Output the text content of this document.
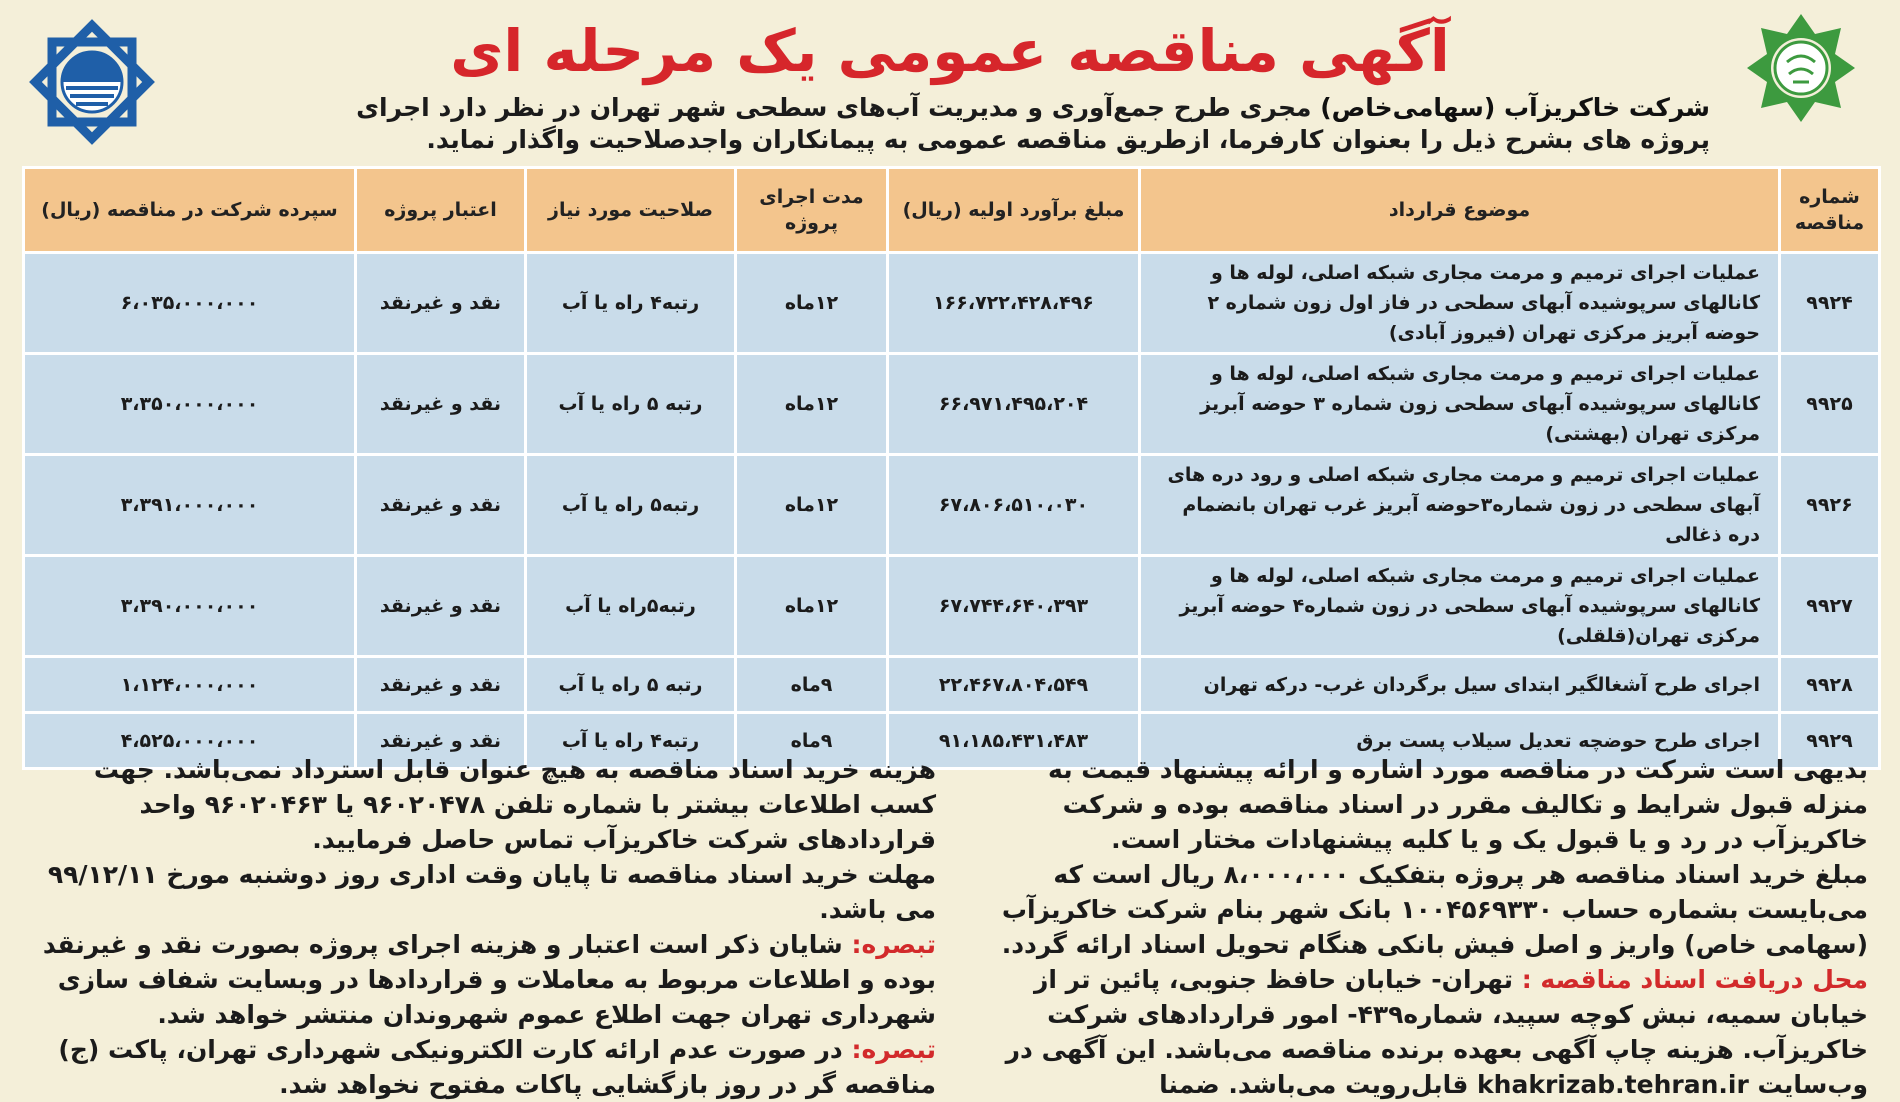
آگهی مناقصه عمومی یک مرحله ای
شرکت خاکریزآب (سهامی‌خاص) مجری طرح جمع‌آوری و مدیریت آب‌های سطحی شهر تهران در نظر دارد اجرای
پروژه های بشرح ذیل را بعنوان کارفرما، ازطریق مناقصه عمومی به پیمانکاران واجدصلاحیت واگذار نماید.
شماره مناقصه	موضوع قرارداد	مبلغ برآورد اولیه (ریال)	مدت اجرای پروژه	صلاحیت مورد نیاز	اعتبار پروژه	سپرده شرکت در مناقصه (ریال)
۹۹۲۴	عملیات اجرای ترمیم و مرمت مجاری شبکه اصلی، لوله ها و کانالهای سرپوشیده آبهای سطحی در فاز اول زون شماره ۲ حوضه آبریز مرکزی تهران (فیروز آبادی)	۱۶۶،۷۲۲،۴۲۸،۴۹۶	۱۲ماه	رتبه۴ راه یا آب	نقد و غیرنقد	۶،۰۳۵،۰۰۰،۰۰۰
۹۹۲۵	عملیات اجرای ترمیم و مرمت مجاری شبکه اصلی، لوله ها و کانالهای سرپوشیده آبهای سطحی زون شماره ۳ حوضه آبریز مرکزی تهران (بهشتی)	۶۶،۹۷۱،۴۹۵،۲۰۴	۱۲ماه	رتبه ۵ راه یا آب	نقد و غیرنقد	۳،۳۵۰،۰۰۰،۰۰۰
۹۹۲۶	عملیات اجرای ترمیم و مرمت مجاری شبکه اصلی و رود دره های آبهای سطحی در زون شماره۳حوضه آبریز غرب تهران بانضمام دره ذغالی	۶۷،۸۰۶،۵۱۰،۰۳۰	۱۲ماه	رتبه۵ راه یا آب	نقد و غیرنقد	۳،۳۹۱،۰۰۰،۰۰۰
۹۹۲۷	عملیات اجرای ترمیم و مرمت مجاری شبکه اصلی، لوله ها و کانالهای سرپوشیده آبهای سطحی در زون شماره۴ حوضه آبریز مرکزی تهران(قلقلی)	۶۷،۷۴۴،۶۴۰،۳۹۳	۱۲ماه	رتبه۵راه یا آب	نقد و غیرنقد	۳،۳۹۰،۰۰۰،۰۰۰
۹۹۲۸	اجرای طرح آشغالگیر ابتدای سیل برگردان غرب- درکه تهران	۲۲،۴۶۷،۸۰۴،۵۴۹	۹ماه	رتبه ۵ راه یا آب	نقد و غیرنقد	۱،۱۲۴،۰۰۰،۰۰۰
۹۹۲۹	اجرای طرح حوضچه تعدیل سیلاب پست برق	۹۱،۱۸۵،۴۳۱،۴۸۳	۹ماه	رتبه۴ راه یا آب	نقد و غیرنقد	۴،۵۲۵،۰۰۰،۰۰۰

بدیهی است شرکت در مناقصه مورد اشاره و ارائه پیشنهاد قیمت به منزله قبول شرایط و تکالیف مقرر در اسناد مناقصه بوده و شرکت خاکریزآب در رد و یا قبول یک و یا کلیه پیشنهادات مختار است.

مبلغ خرید اسناد مناقصه هر پروژه بتفکیک ۸،۰۰۰،۰۰۰ ریال است که می‌بایست بشماره حساب ۱۰۰۴۵۶۹۳۳۰ بانک شهر بنام شرکت خاکریزآب (سهامی خاص) واریز و اصل فیش بانکی هنگام تحویل اسناد ارائه گردد.

محل دریافت اسناد مناقصه : تهران- خیابان حافظ جنوبی، پائین تر از خیابان سمیه، نبش کوچه سپید، شماره۴۳۹- امور قراردادهای شرکت خاکریزآب. هزینه چاپ آگهی بعهده برنده مناقصه می‌باشد. این آگهی در وب‌سایت khakrizab.tehran.ir قابل‌رویت می‌باشد. ضمنا

هزینه خرید اسناد مناقصه به هیچ عنوان قابل استرداد نمی‌باشد. جهت کسب اطلاعات بیشتر با شماره تلفن ۹۶۰۲۰۴۷۸ یا ۹۶۰۲۰۴۶۳ واحد قراردادهای شرکت خاکریزآب تماس حاصل فرمایید.

مهلت خرید اسناد مناقصه تا پایان وقت اداری روز دوشنبه مورخ ۹۹/۱۲/۱۱ می باشد.

تبصره: شایان ذکر است اعتبار و هزینه اجرای پروژه بصورت نقد و غیرنقد بوده و اطلاعات مربوط به معاملات و قراردادها در وبسایت شفاف سازی شهرداری تهران جهت اطلاع عموم شهروندان منتشر خواهد شد.

تبصره: در صورت عدم ارائه کارت الکترونیکی شهرداری تهران، پاکت (ج) مناقصه گر در روز بازگشایی پاکات مفتوح نخواهد شد.
